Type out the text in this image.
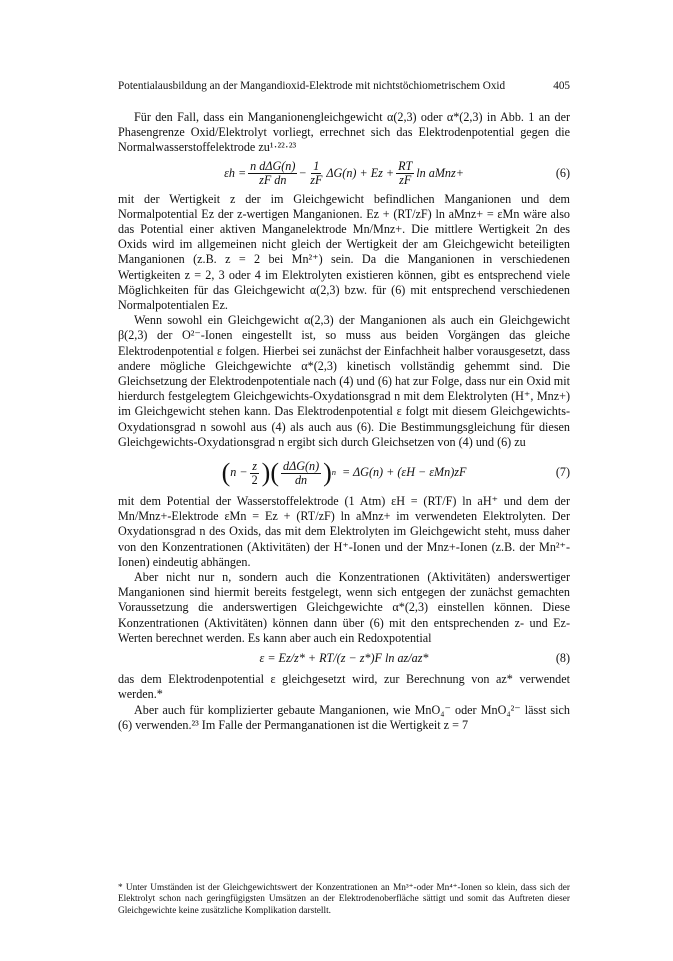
Potentialausbildung an der Mangandioxid-Elektrode mit nichtstöchiometrischem Oxid	405

Für den Fall, dass ein Manganionengleichgewicht α(2,3) oder α*(2,3) in Abb. 1 an der Phasengrenze Oxid/Elektrolyt vorliegt, errechnet sich das Elektrodenpotential gegen die Normalwasserstoffelektrode zu¹·²²·²³

$\varepsilon h = \frac{\text{n dΔG(n)}}{\text{zF dn}} - \frac{1}{zF} \Delta G(n) + Ez + \frac{RT}{zF}$ ln aMnz+	(6)

mit der Wertigkeit z der im Gleichgewicht befindlichen Manganionen und dem Normalpotential Ez der z-wertigen Manganionen. Ez + (RT/zF) ln aMnz+ = εMn wäre also das Potential einer aktiven Manganelektrode Mn/Mnz+. Die mittlere Wertigkeit 2n des Oxids wird im allgemeinen nicht gleich der Wertigkeit der am Gleichgewicht beteiligten Manganionen (z.B. z = 2 bei Mn²⁺) sein. Da die Manganionen in verschiedenen Wertigkeiten z = 2, 3 oder 4 im Elektrolyten existieren können, gibt es entsprechend viele Möglichkeiten für das Gleichgewicht α(2,3) bzw. für (6) mit entsprechend verschiedenen Normalpotentialen Ez.

Wenn sowohl ein Gleichgewicht α(2,3) der Manganionen als auch ein Gleichgewicht β(2,3) der O²⁻-Ionen eingestellt ist, so muss aus beiden Vorgängen das gleiche Elektrodenpotential ε folgen. Hierbei sei zunächst der Einfachheit halber vorausgesetzt, dass andere mögliche Gleichgewichte α*(2,3) kinetisch vollständig gehemmt sind. Die Gleichsetzung der Elektrodenpotentiale nach (4) und (6) hat zur Folge, dass nur ein Oxid mit hierdurch festgelegtem Gleichgewichts-Oxydationsgrad n mit dem Elektrolyten (H⁺, Mnz+) im Gleichgewicht stehen kann. Das Elektrodenpotential ε folgt mit diesem Gleichgewichts-Oxydationsgrad n sowohl aus (4) als auch aus (6). Die Bestimmungsgleichung für diesen Gleichgewichts-Oxydationsgrad n ergibt sich durch Gleichsetzen von (4) und (6) zu

( $n - \frac{z}{2}$ )( $\frac{\text{dΔG(n)}}{dn}$ ) n = ΔG(n) + (εH − εMn)zF	(7)

mit dem Potential der Wasserstoffelektrode (1 Atm) εH = (RT/F) ln aH⁺ und dem der Mn/Mnz+-Elektrode εMn = Ez + (RT/zF) ln aMnz+ im verwendeten Elektrolyten. Der Oxydationsgrad n des Oxids, das mit dem Elektrolyten im Gleichgewicht steht, muss daher von den Konzentrationen (Aktivitäten) der H⁺-Ionen und der Mnz+-Ionen (z.B. der Mn²⁺-Ionen) eindeutig abhängen.

Aber nicht nur n, sondern auch die Konzentrationen (Aktivitäten) anderswertiger Manganionen sind hiermit bereits festgelegt, wenn sich entgegen der zunächst gemachten Voraussetzung die anderswertigen Gleichgewichte α*(2,3) einstellen können. Diese Konzentrationen (Aktivitäten) können dann über (6) mit den entsprechenden z- und Ez-Werten berechnet werden. Es kann aber auch ein Redoxpotential

ε = Ez/z* + RT/(z − z*)F ln az/az*	(8)

das dem Elektrodenpotential ε gleichgesetzt wird, zur Berechnung von az* verwendet werden.*

Aber auch für komplizierter gebaute Manganionen, wie MnO₄⁻ oder MnO₄²⁻ lässt sich (6) verwenden.²³ Im Falle der Permanganationen ist die Wertigkeit z = 7

* Unter Umständen ist der Gleichgewichtswert der Konzentrationen an Mn³⁺-oder Mn⁴⁺-Ionen so klein, dass sich der Elektrolyt schon nach geringfügigsten Umsätzen an der Elektrodenoberfläche sättigt und somit das Auftreten dieser Gleichgewichte keine zusätzliche Komplikation darstellt.
